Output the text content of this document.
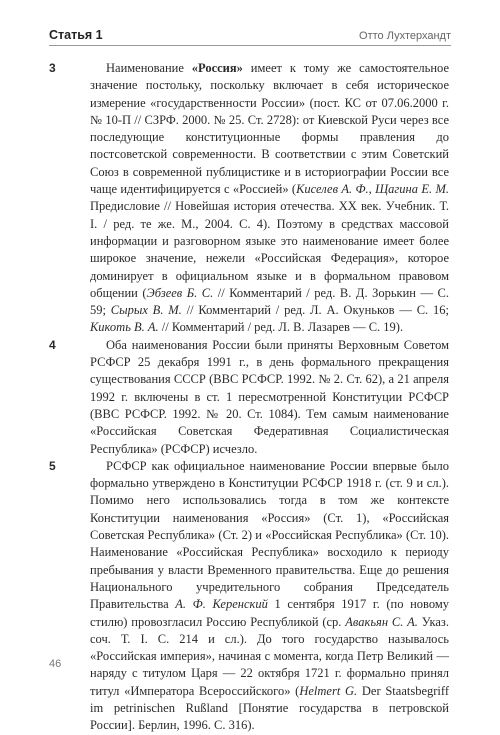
Статья 1	Отто Лухтерхандт
3	Наименование «Россия» имеет к тому же самостоятельное значение постольку, поскольку включает в себя историческое измерение «государственности России» (пост. КС от 07.06.2000 г. № 10-П // СЗРФ. 2000. № 25. Ст. 2728): от Киевской Руси через все последующие конституционные формы правления до постсоветской современности. В соответствии с этим Советский Союз в современной публицистике и в историографии России все чаще идентифицируется с «Россией» (Киселев А. Ф., Щагина Е. М. Предисловие // Новейшая история отечества. XX век. Учебник. Т. I. / ред. те же. М., 2004. С. 4). Поэтому в средствах массовой информации и разговорном языке это наименование имеет более широкое значение, нежели «Российская Федерация», которое доминирует в официальном языке и в формальном правовом общении (Эбзеев Б. С. // Комментарий / ред. В. Д. Зорькин — С. 59; Сырых В. М. // Комментарий / ред. Л. А. Окуньков — С. 16; Кикоть В. А. // Комментарий / ред. Л. В. Лазарев — С. 19).

4	Оба наименования России были приняты Верховным Советом РСФСР 25 декабря 1991 г., в день формального прекращения существования СССР (ВВС РСФСР. 1992. № 2. Ст. 62), а 21 апреля 1992 г. включены в ст. 1 пересмотренной Конституции РСФСР (ВВС РСФСР. 1992. № 20. Ст. 1084). Тем самым наименование «Российская Советская Федеративная Социалистическая Республика» (РСФСР) исчезло.

5	РСФСР как официальное наименование России впервые было формально утверждено в Конституции РСФСР 1918 г. (ст. 9 и сл.). Помимо него использовались тогда в том же контексте Конституции наименования «Россия» (Ст. 1), «Российская Советская Республика» (Ст. 2) и «Российская Республика» (Ст. 10). Наименование «Российская Республика» восходило к периоду пребывания у власти Временного правительства. Еще до решения Национального учредительного собрания Председатель Правительства А. Ф. Керенский 1 сентября 1917 г. (по новому стилю) провозгласил Россию Республикой (ср. Авакьян С. А. Указ. соч. Т. I. С. 214 и сл.). До того государство называлось «Российская империя», начиная с момента, когда Петр Великий — наряду с титулом Царя — 22 октября 1721 г. формально принял титул «Императора Всероссийского» (Helmert G. Der Staatsbegriff im petrinischen Rußland [Понятие государства в петровской России]. Берлин, 1996. С. 316).

46
